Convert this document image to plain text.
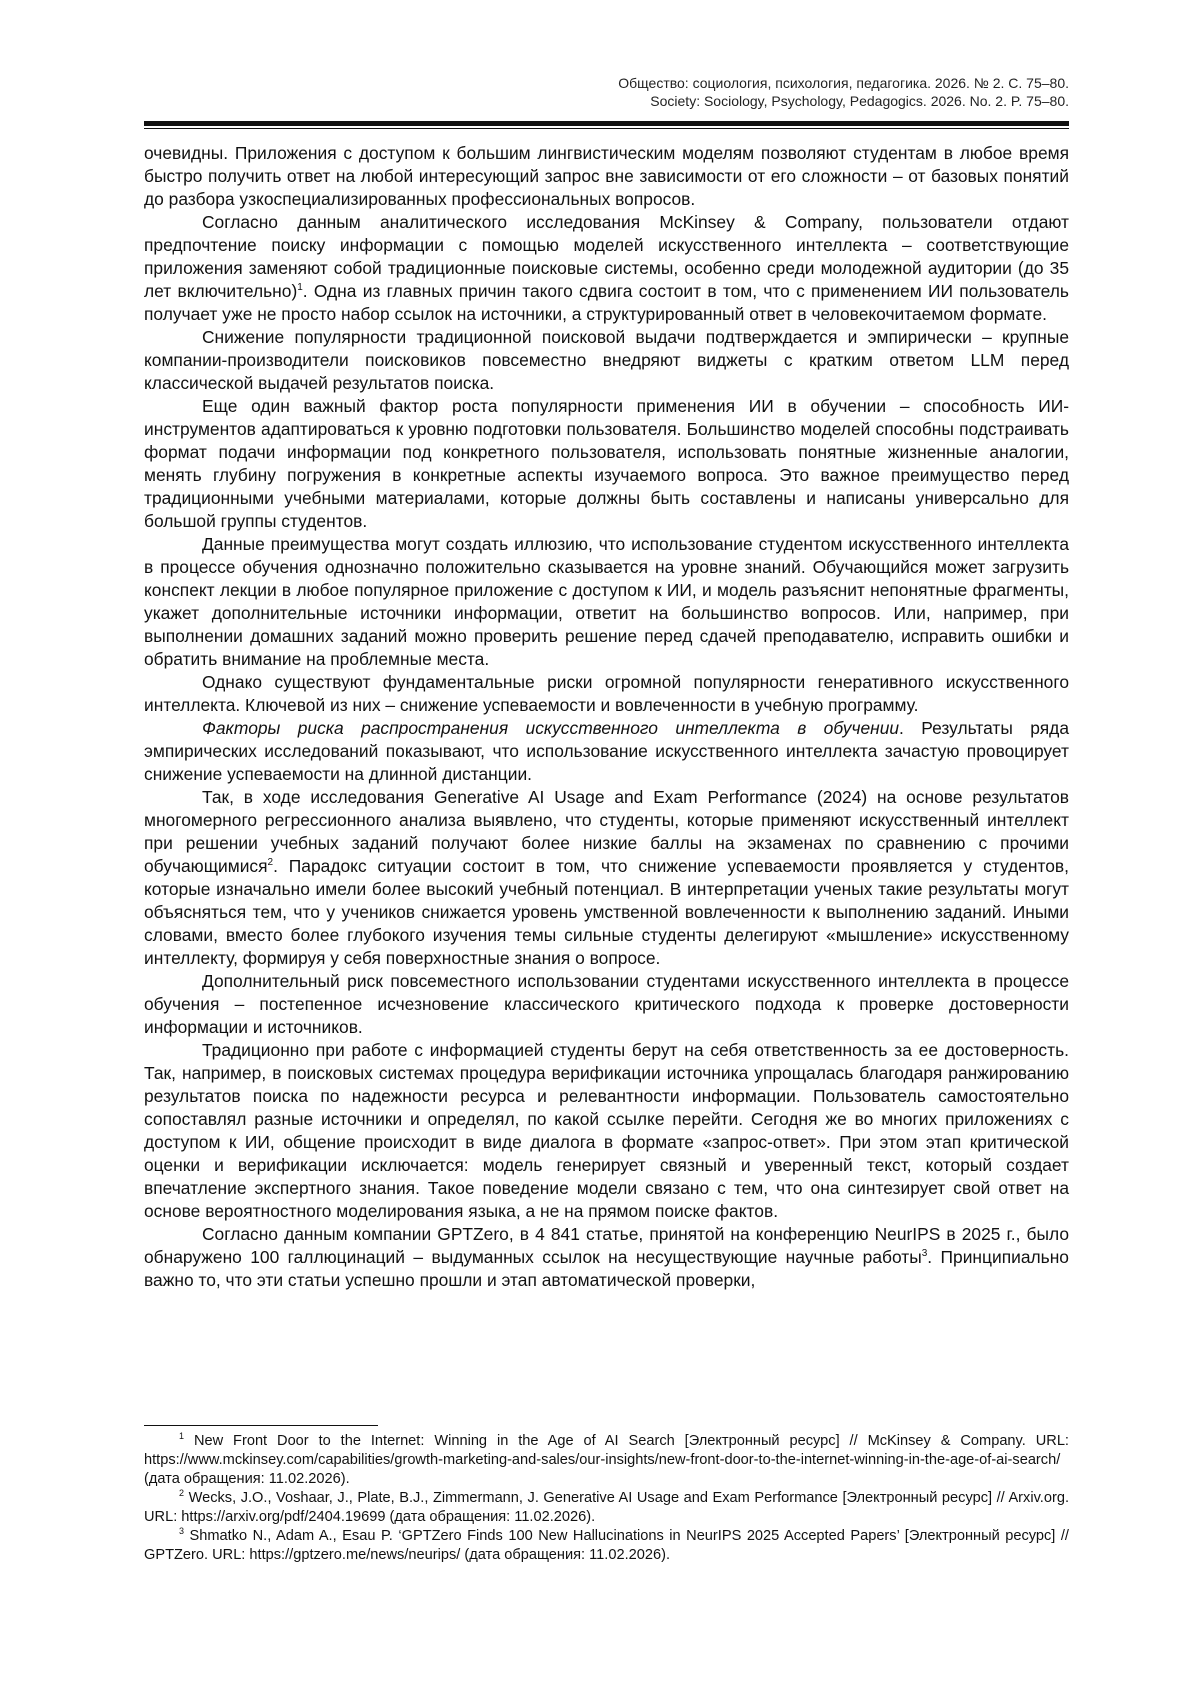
Общество: социология, психология, педагогика. 2026. № 2. С. 75–80.
Society: Sociology, Psychology, Pedagogics. 2026. No. 2. P. 75–80.

очевидны. Приложения с доступом к большим лингвистическим моделям позволяют студентам в любое время быстро получить ответ на любой интересующий запрос вне зависимости от его сложности – от базовых понятий до разбора узкоспециализированных профессиональных вопросов.

Согласно данным аналитического исследования McKinsey & Company, пользователи отдают предпочтение поиску информации с помощью моделей искусственного интеллекта – соответствующие приложения заменяют собой традиционные поисковые системы, особенно среди молодежной аудитории (до 35 лет включительно)$^1$. Одна из главных причин такого сдвига состоит в том, что с применением ИИ пользователь получает уже не просто набор ссылок на источники, а структурированный ответ в человекочитаемом формате.

Снижение популярности традиционной поисковой выдачи подтверждается и эмпирически – крупные компании-производители поисковиков повсеместно внедряют виджеты с кратким ответом LLM перед классической выдачей результатов поиска.

Еще один важный фактор роста популярности применения ИИ в обучении – способность ИИ-инструментов адаптироваться к уровню подготовки пользователя. Большинство моделей способны подстраивать формат подачи информации под конкретного пользователя, использовать понятные жизненные аналогии, менять глубину погружения в конкретные аспекты изучаемого вопроса. Это важное преимущество перед традиционными учебными материалами, которые должны быть составлены и написаны универсально для большой группы студентов.

Данные преимущества могут создать иллюзию, что использование студентом искусственного интеллекта в процессе обучения однозначно положительно сказывается на уровне знаний. Обучающийся может загрузить конспект лекции в любое популярное приложение с доступом к ИИ, и модель разъяснит непонятные фрагменты, укажет дополнительные источники информации, ответит на большинство вопросов. Или, например, при выполнении домашних заданий можно проверить решение перед сдачей преподавателю, исправить ошибки и обратить внимание на проблемные места.

Однако существуют фундаментальные риски огромной популярности генеративного искусственного интеллекта. Ключевой из них – снижение успеваемости и вовлеченности в учебную программу.

Факторы риска распространения искусственного интеллекта в обучении. Результаты ряда эмпирических исследований показывают, что использование искусственного интеллекта зачастую провоцирует снижение успеваемости на длинной дистанции.

Так, в ходе исследования Generative AI Usage and Exam Performance (2024) на основе результатов многомерного регрессионного анализа выявлено, что студенты, которые применяют искусственный интеллект при решении учебных заданий получают более низкие баллы на экзаменах по сравнению с прочими обучающимися$^2$. Парадокс ситуации состоит в том, что снижение успеваемости проявляется у студентов, которые изначально имели более высокий учебный потенциал. В интерпретации ученых такие результаты могут объясняться тем, что у учеников снижается уровень умственной вовлеченности к выполнению заданий. Иными словами, вместо более глубокого изучения темы сильные студенты делегируют «мышление» искусственному интеллекту, формируя у себя поверхностные знания о вопросе.

Дополнительный риск повсеместного использовании студентами искусственного интеллекта в процессе обучения – постепенное исчезновение классического критического подхода к проверке достоверности информации и источников.

Традиционно при работе с информацией студенты берут на себя ответственность за ее достоверность. Так, например, в поисковых системах процедура верификации источника упрощалась благодаря ранжированию результатов поиска по надежности ресурса и релевантности информации. Пользователь самостоятельно сопоставлял разные источники и определял, по какой ссылке перейти. Сегодня же во многих приложениях с доступом к ИИ, общение происходит в виде диалога в формате «запрос-ответ». При этом этап критической оценки и верификации исключается: модель генерирует связный и уверенный текст, который создает впечатление экспертного знания. Такое поведение модели связано с тем, что она синтезирует свой ответ на основе вероятностного моделирования языка, а не на прямом поиске фактов.

Согласно данным компании GPTZero, в 4 841 статье, принятой на конференцию NeurIPS в 2025 г., было обнаружено 100 галлюцинаций – выдуманных ссылок на несуществующие научные работы$^3$. Принципиально важно то, что эти статьи успешно прошли и этап автоматической проверки,

$^1$ New Front Door to the Internet: Winning in the Age of AI Search [Электронный ресурс] // McKinsey & Company. URL: https://www.mckinsey.com/capabilities/growth-marketing-and-sales/our-insights/new-front-door-to-the-internet-winning-in-the-age-of-ai-search/ (дата обращения: 11.02.2026).

$^2$ Wecks, J.O., Voshaar, J., Plate, B.J., Zimmermann, J. Generative AI Usage and Exam Performance [Электронный ресурс] // Arxiv.org. URL: https://arxiv.org/pdf/2404.19699 (дата обращения: 11.02.2026).

$^3$ Shmatko N., Adam A., Esau P. ‘GPTZero Finds 100 New Hallucinations in NeurIPS 2025 Accepted Papers’ [Электронный ресурс] // GPTZero. URL: https://gptzero.me/news/neurips/ (дата обращения: 11.02.2026).
